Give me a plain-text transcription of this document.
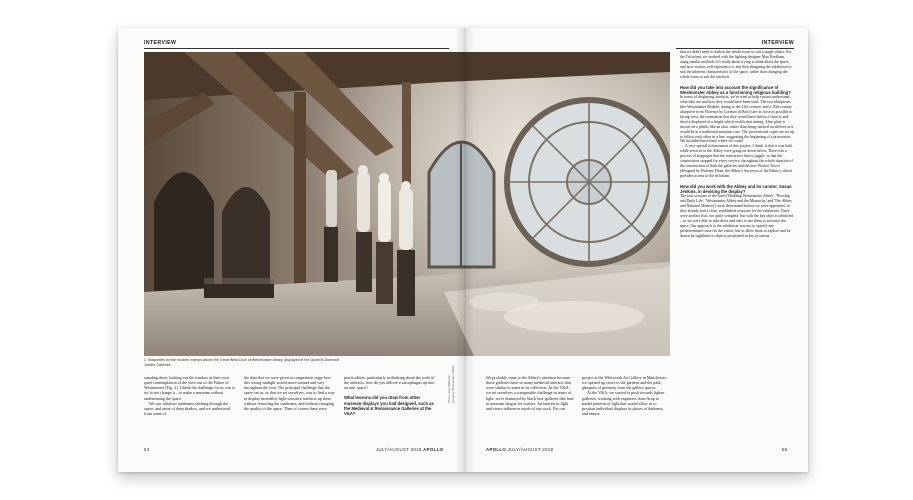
INTERVIEW	INTERVIEW
2. Maquettes for the modern martyrs above the Great West Door of Westminster Abbey, displayed in the Queen's Diamond Jubilee Galleries
Photo: Alan Williams; courtesy Westminster Abbey

standing there, looking out the window in their own quiet contemplation of the view out to the Palace of Westminster [Fig. 2]. I think the challenge for us was to try to not change it – to make a museum without undermining the space.

We saw fabulous sunbeams shafting through the space, and areas of deep shadow, and we understood from some of

the data that we were given at competition stage how this strong sunlight would move around and vary throughout the year. The principal challenge that the space set us, or that we set ourselves, was to find a way to display incredibly light-sensitive artefacts up there without removing the sunbeams, and without changing the quality of the space. Then of course there were

practicalities, particularly in thinking about the scale of the artefacts: how do you deliver a sarcophagus up into an attic space?

What lessons did you draw from other museum displays you had designed, such as the Medieval & Renaissance Galleries at the V&A?

We probably came to the Abbey's attention because those galleries have so many medieval artefacts that were similar to some in its collection. At the V&A, we set ourselves a comparable challenge in terms of light: we're dismayed by black-box galleries that lead to museum fatigue for visitors. An interest in light and views influences much of our work. For our

project at the Whitworth Art Gallery in Manchester, we opened up views to the gardens and the park, glimpses of greenery from the gallery spaces.

At the V&A, we started to push towards lighter galleries, working with engineers from Arup to model patterns of light that would allow us to position individual displays in places of darkness, and ensure

that we didn't need to darken the whole room to suit a single object. For the Triforium, we worked with the lighting designer Max Fordham, using similar methods. It's really about trying to think about the space, and how visitors will experience it, and then designing the exhibition to suit the inherent characteristics of the space, rather than changing the whole room to suit the artefacts.

How did you take into account the significance of Westminster Abbey as a functioning religious building?

In terms of displaying artefacts, we've tried to help visitors understand what they are and how they would have been used. The two altarpieces (the Westminster Retable, dating to the 13th century, and a 15th-century altarpiece from Florence by Lorenzo di Bicci) are as close as possible to facing west, the orientation that they would have had in a church, and they're displayed at a height which recalls that setting. Altar plate is shown on a plinth, like an altar, rather than being stacked on shelves as it would be in a traditional museum case. The processional copes are set up to follow each other in a line, suggesting the beginning of a procession. We included these hints where we could.

A very special achievement of this project, I think, is that it was built while services in the Abbey were going on down below. There was a process of stoppages that the contractors had to juggle, so that the construction stopped for every service, throughout the whole duration of the construction of both the galleries and the new Weston Tower (designed by Ptolemy Dean, the Abbey's Surveyor of the Fabric), which provides access to the triforium.

How did you work with the Abbey and its curator, Susan Jenkins, in devising the display?

The four sections of the brief ('Building Westminster Abbey', 'Worship and Daily Life', 'Westminster Abbey and the Monarchy' and 'The Abbey and National Memory') were determined before we were appointed, so they already had a clear, established structure for the exhibition. There were artefact lists, not quite complete, but with the key objects identified – so we were able to take those and start to use them to structure the space. Our approach to the exhibition was not to specify any predetermined route for the visitor, but to allow them to explore and be drawn by sightlines to objects positioned in key locations.

54	JULY/AUGUST 2018 APOLLO	APOLLO JULY/AUGUST 2018	55
